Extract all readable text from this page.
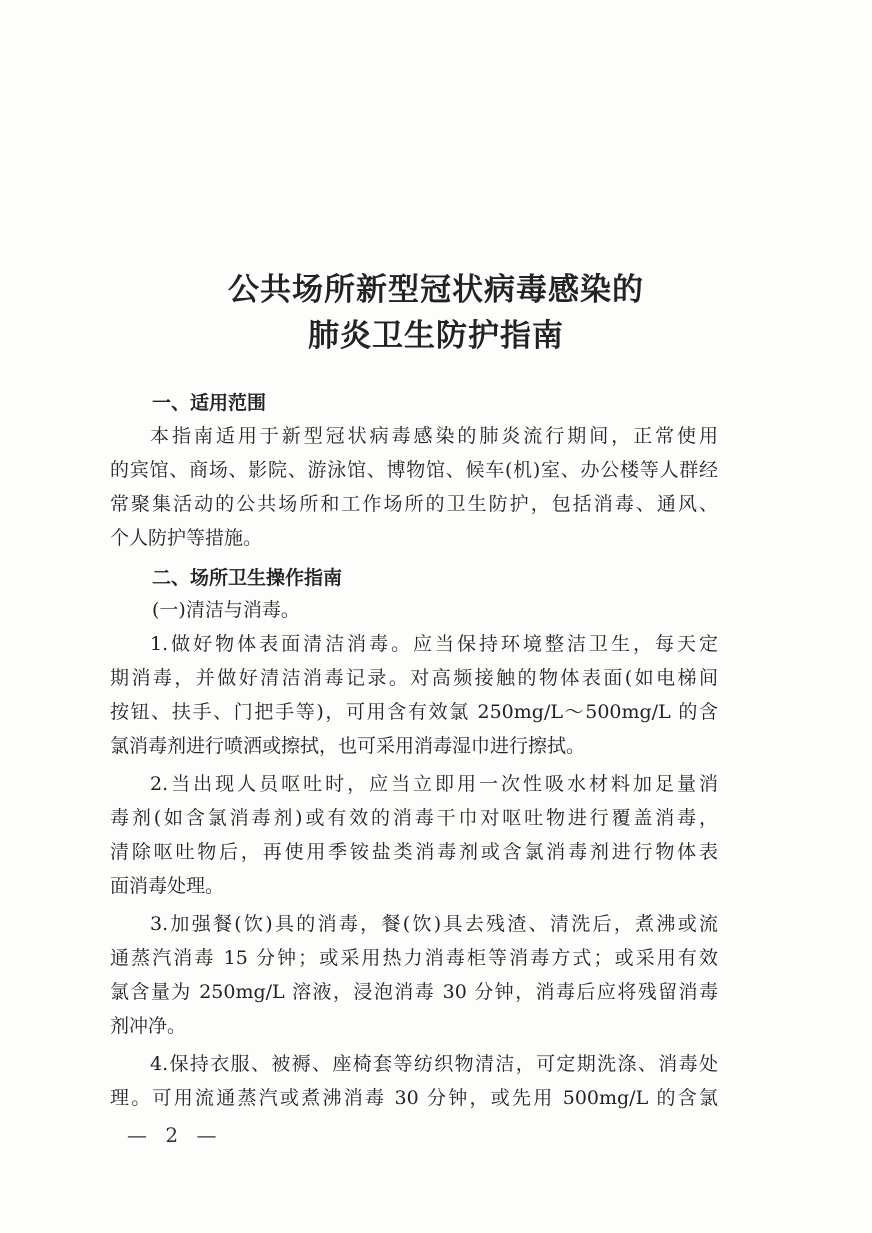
公共场所新型冠状病毒感染的
肺炎卫生防护指南
一、适用范围
本指南适用于新型冠状病毒感染的肺炎流行期间，正常使用
的宾馆、商场、影院、游泳馆、博物馆、候车(机)室、办公楼等人群经
常聚集活动的公共场所和工作场所的卫生防护，包括消毒、通风、
个人防护等措施。
二、场所卫生操作指南
(一)清洁与消毒。
1.做好物体表面清洁消毒。应当保持环境整洁卫生，每天定
期消毒，并做好清洁消毒记录。对高频接触的物体表面(如电梯间
按钮、扶手、门把手等)，可用含有效氯 250mg/L～500mg/L 的含
氯消毒剂进行喷洒或擦拭，也可采用消毒湿巾进行擦拭。
2.当出现人员呕吐时，应当立即用一次性吸水材料加足量消
毒剂(如含氯消毒剂)或有效的消毒干巾对呕吐物进行覆盖消毒，
清除呕吐物后，再使用季铵盐类消毒剂或含氯消毒剂进行物体表
面消毒处理。
3.加强餐(饮)具的消毒，餐(饮)具去残渣、清洗后，煮沸或流
通蒸汽消毒 15 分钟；或采用热力消毒柜等消毒方式；或采用有效
氯含量为 250mg/L 溶液，浸泡消毒 30 分钟，消毒后应将残留消毒
剂冲净。
4.保持衣服、被褥、座椅套等纺织物清洁，可定期洗涤、消毒处
理。可用流通蒸汽或煮沸消毒 30 分钟，或先用 500mg/L 的含氯
— 2 —
